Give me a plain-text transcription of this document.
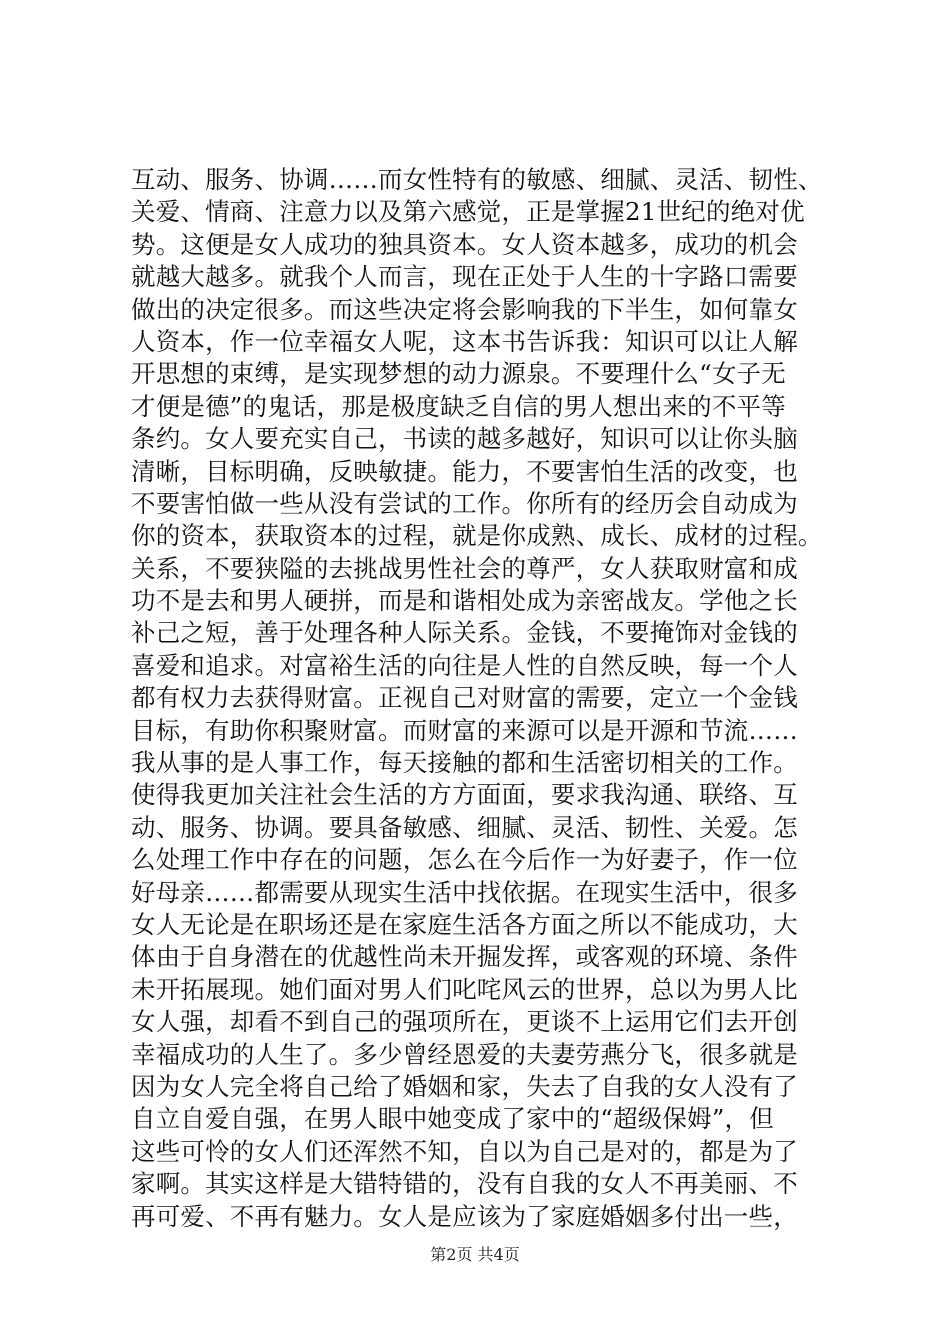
互动、服务、协调……而女性特有的敏感、细腻、灵活、韧性、
关爱、情商、注意力以及第六感觉，正是掌握21世纪的绝对优
势。这便是女人成功的独具资本。女人资本越多，成功的机会
就越大越多。就我个人而言，现在正处于人生的十字路口需要
做出的决定很多。而这些决定将会影响我的下半生，如何靠女
人资本，作一位幸福女人呢，这本书告诉我：知识可以让人解
开思想的束缚，是实现梦想的动力源泉。不要理什么“女子无
才便是德”的鬼话，那是极度缺乏自信的男人想出来的不平等
条约。女人要充实自己，书读的越多越好，知识可以让你头脑
清晰，目标明确，反映敏捷。能力，不要害怕生活的改变，也
不要害怕做一些从没有尝试的工作。你所有的经历会自动成为
你的资本，获取资本的过程，就是你成熟、成长、成材的过程。
关系，不要狭隘的去挑战男性社会的尊严，女人获取财富和成
功不是去和男人硬拼，而是和谐相处成为亲密战友。学他之长
补己之短，善于处理各种人际关系。金钱，不要掩饰对金钱的
喜爱和追求。对富裕生活的向往是人性的自然反映，每一个人
都有权力去获得财富。正视自己对财富的需要，定立一个金钱
目标，有助你积聚财富。而财富的来源可以是开源和节流……
我从事的是人事工作，每天接触的都和生活密切相关的工作。
使得我更加关注社会生活的方方面面，要求我沟通、联络、互
动、服务、协调。要具备敏感、细腻、灵活、韧性、关爱。怎
么处理工作中存在的问题，怎么在今后作一为好妻子，作一位
好母亲……都需要从现实生活中找依据。在现实生活中，很多
女人无论是在职场还是在家庭生活各方面之所以不能成功，大
体由于自身潜在的优越性尚未开掘发挥，或客观的环境、条件
未开拓展现。她们面对男人们叱咤风云的世界，总以为男人比
女人强，却看不到自己的强项所在，更谈不上运用它们去开创
幸福成功的人生了。多少曾经恩爱的夫妻劳燕分飞，很多就是
因为女人完全将自己给了婚姻和家，失去了自我的女人没有了
自立自爱自强，在男人眼中她变成了家中的“超级保姆”，但
这些可怜的女人们还浑然不知，自以为自己是对的，都是为了
家啊。其实这样是大错特错的，没有自我的女人不再美丽、不
再可爱、不再有魅力。女人是应该为了家庭婚姻多付出一些，
第2页 共4页
